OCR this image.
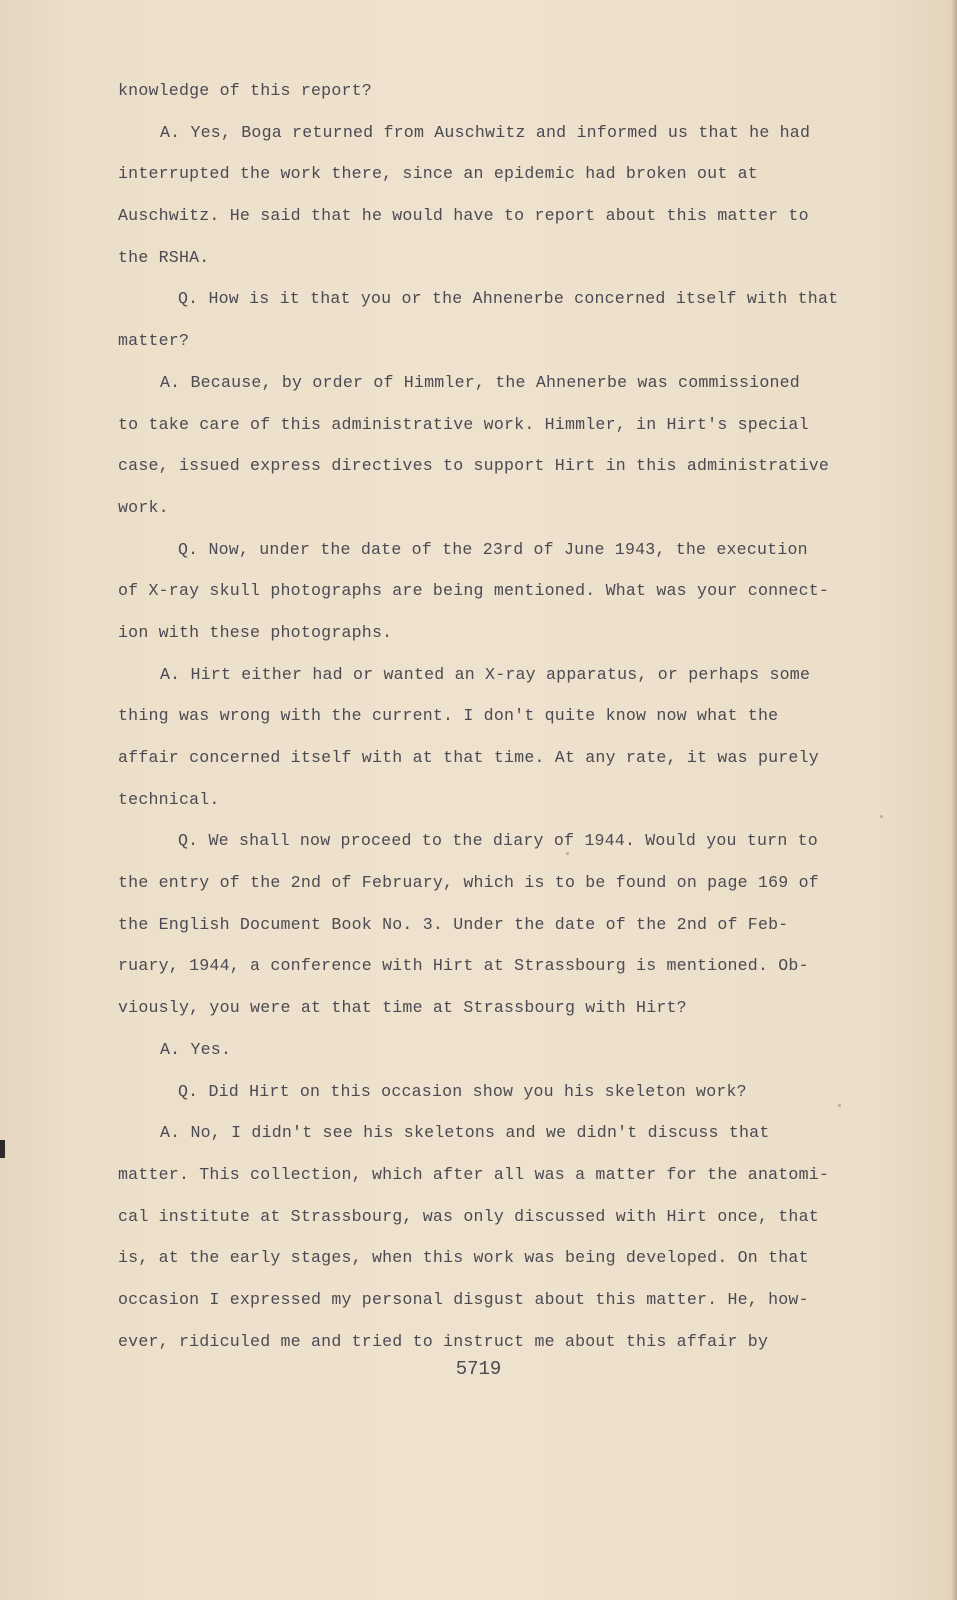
knowledge of this report?
A. Yes, Boga returned from Auschwitz and informed us that he had
interrupted the work there, since an epidemic had broken out at
Auschwitz. He said that he would have to report about this matter to
the RSHA.
Q. How is it that you or the Ahnenerbe concerned itself with that
matter?
A. Because, by order of Himmler, the Ahnenerbe was commissioned
to take care of this administrative work. Himmler, in Hirt's special
case, issued express directives to support Hirt in this administrative
work.
Q. Now, under the date of the 23rd of June 1943, the execution
of X-ray skull photographs are being mentioned. What was your connect-
ion with these photographs.
A. Hirt either had or wanted an X-ray apparatus, or perhaps some
thing was wrong with the current. I don't quite know now what the
affair concerned itself with at that time. At any rate, it was purely
technical.
Q. We shall now proceed to the diary of 1944. Would you turn to
the entry of the 2nd of February, which is to be found on page 169 of
the English Document Book No. 3. Under the date of the 2nd of Feb-
ruary, 1944, a conference with Hirt at Strassbourg is mentioned. Ob-
viously, you were at that time at Strassbourg with Hirt?
A. Yes.
Q. Did Hirt on this occasion show you his skeleton work?
A. No, I didn't see his skeletons and we didn't discuss that
matter. This collection, which after all was a matter for the anatomi-
cal institute at Strassbourg, was only discussed with Hirt once, that
is, at the early stages, when this work was being developed. On that
occasion I expressed my personal disgust about this matter. He, how-
ever, ridiculed me and tried to instruct me about this affair by
5719
